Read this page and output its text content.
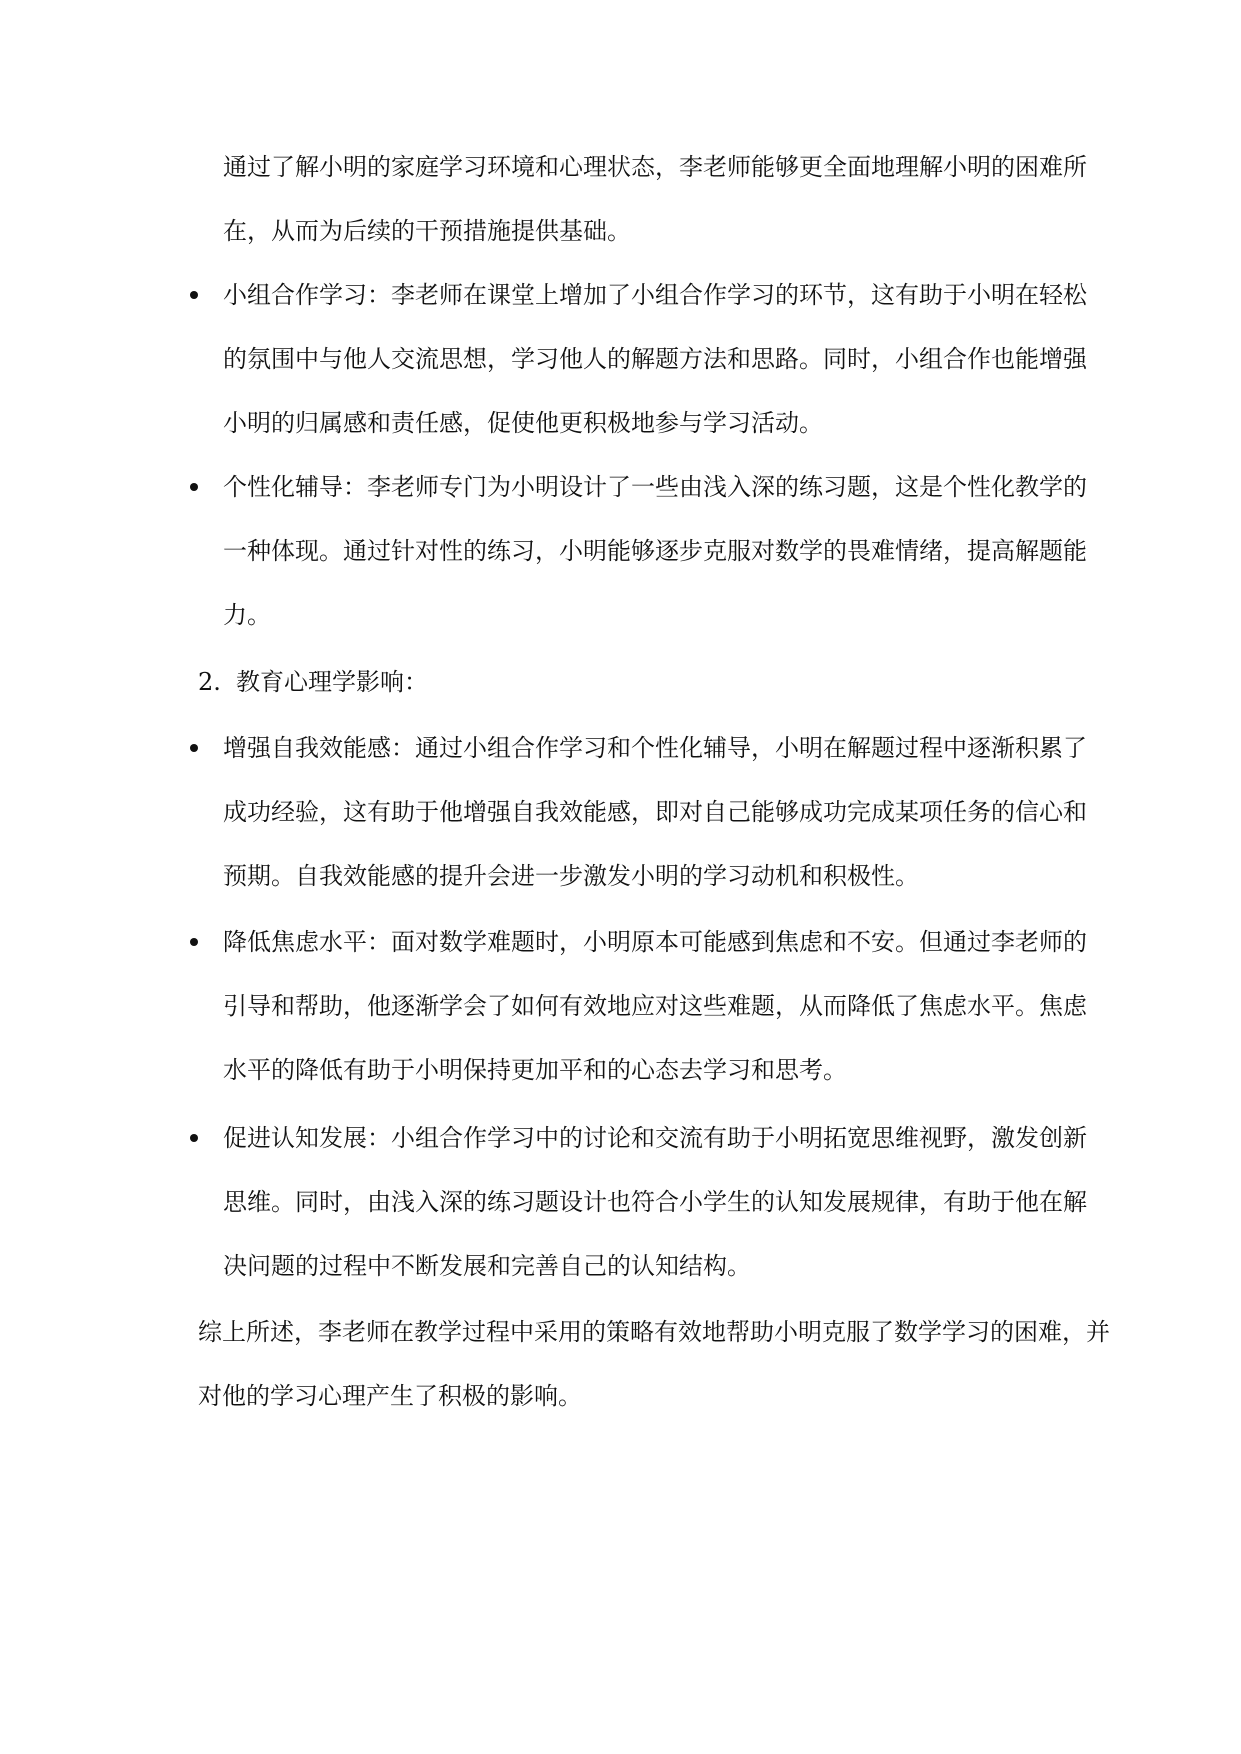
通过了解小明的家庭学习环境和心理状态，李老师能够更全面地理解小明的困难所在，从而为后续的干预措施提供基础。

小组合作学习：李老师在课堂上增加了小组合作学习的环节，这有助于小明在轻松的氛围中与他人交流思想，学习他人的解题方法和思路。同时，小组合作也能增强小明的归属感和责任感，促使他更积极地参与学习活动。

个性化辅导：李老师专门为小明设计了一些由浅入深的练习题，这是个性化教学的一种体现。通过针对性的练习，小明能够逐步克服对数学的畏难情绪，提高解题能力。

2. 教育心理学影响：

增强自我效能感：通过小组合作学习和个性化辅导，小明在解题过程中逐渐积累了成功经验，这有助于他增强自我效能感，即对自己能够成功完成某项任务的信心和预期。自我效能感的提升会进一步激发小明的学习动机和积极性。

降低焦虑水平：面对数学难题时，小明原本可能感到焦虑和不安。但通过李老师的引导和帮助，他逐渐学会了如何有效地应对这些难题，从而降低了焦虑水平。焦虑水平的降低有助于小明保持更加平和的心态去学习和思考。

促进认知发展：小组合作学习中的讨论和交流有助于小明拓宽思维视野，激发创新思维。同时，由浅入深的练习题设计也符合小学生的认知发展规律，有助于他在解决问题的过程中不断发展和完善自己的认知结构。

综上所述，李老师在教学过程中采用的策略有效地帮助小明克服了数学学习的困难，并对他的学习心理产生了积极的影响。
